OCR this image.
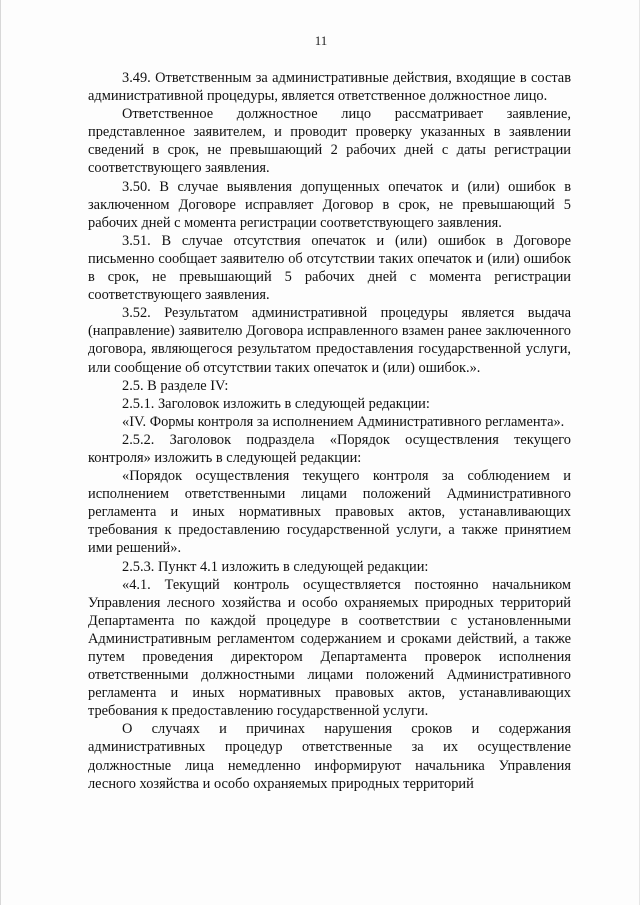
11

3.49. Ответственным за административные действия, входящие в состав административной процедуры, является ответственное должностное лицо.

Ответственное должностное лицо рассматривает заявление, представленное заявителем, и проводит проверку указанных в заявлении сведений в срок, не превышающий 2 рабочих дней с даты регистрации соответствующего заявления.

3.50. В случае выявления допущенных опечаток и (или) ошибок в заключенном Договоре исправляет Договор в срок, не превышающий 5 рабочих дней с момента регистрации соответствующего заявления.

3.51. В случае отсутствия опечаток и (или) ошибок в Договоре письменно сообщает заявителю об отсутствии таких опечаток и (или) ошибок в срок, не превышающий 5 рабочих дней с момента регистрации соответствующего заявления.

3.52. Результатом административной процедуры является выдача (направление) заявителю Договора исправленного взамен ранее заключенного договора, являющегося результатом предоставления государственной услуги, или сообщение об отсутствии таких опечаток и (или) ошибок.».

2.5. В разделе IV:

2.5.1. Заголовок изложить в следующей редакции:

«IV. Формы контроля за исполнением Административного регламента».

2.5.2. Заголовок подраздела «Порядок осуществления текущего контроля» изложить в следующей редакции:

«Порядок осуществления текущего контроля за соблюдением и исполнением ответственными лицами положений Административного регламента и иных нормативных правовых актов, устанавливающих требования к предоставлению государственной услуги, а также принятием ими решений».

2.5.3. Пункт 4.1 изложить в следующей редакции:

«4.1. Текущий контроль осуществляется постоянно начальником Управления лесного хозяйства и особо охраняемых природных территорий Департамента по каждой процедуре в соответствии с установленными Административным регламентом содержанием и сроками действий, а также путем проведения директором Департамента проверок исполнения ответственными должностными лицами положений Административного регламента и иных нормативных правовых актов, устанавливающих требования к предоставлению государственной услуги.

О случаях и причинах нарушения сроков и содержания административных процедур ответственные за их осуществление должностные лица немедленно информируют начальника Управления лесного хозяйства и особо охраняемых природных территорий
